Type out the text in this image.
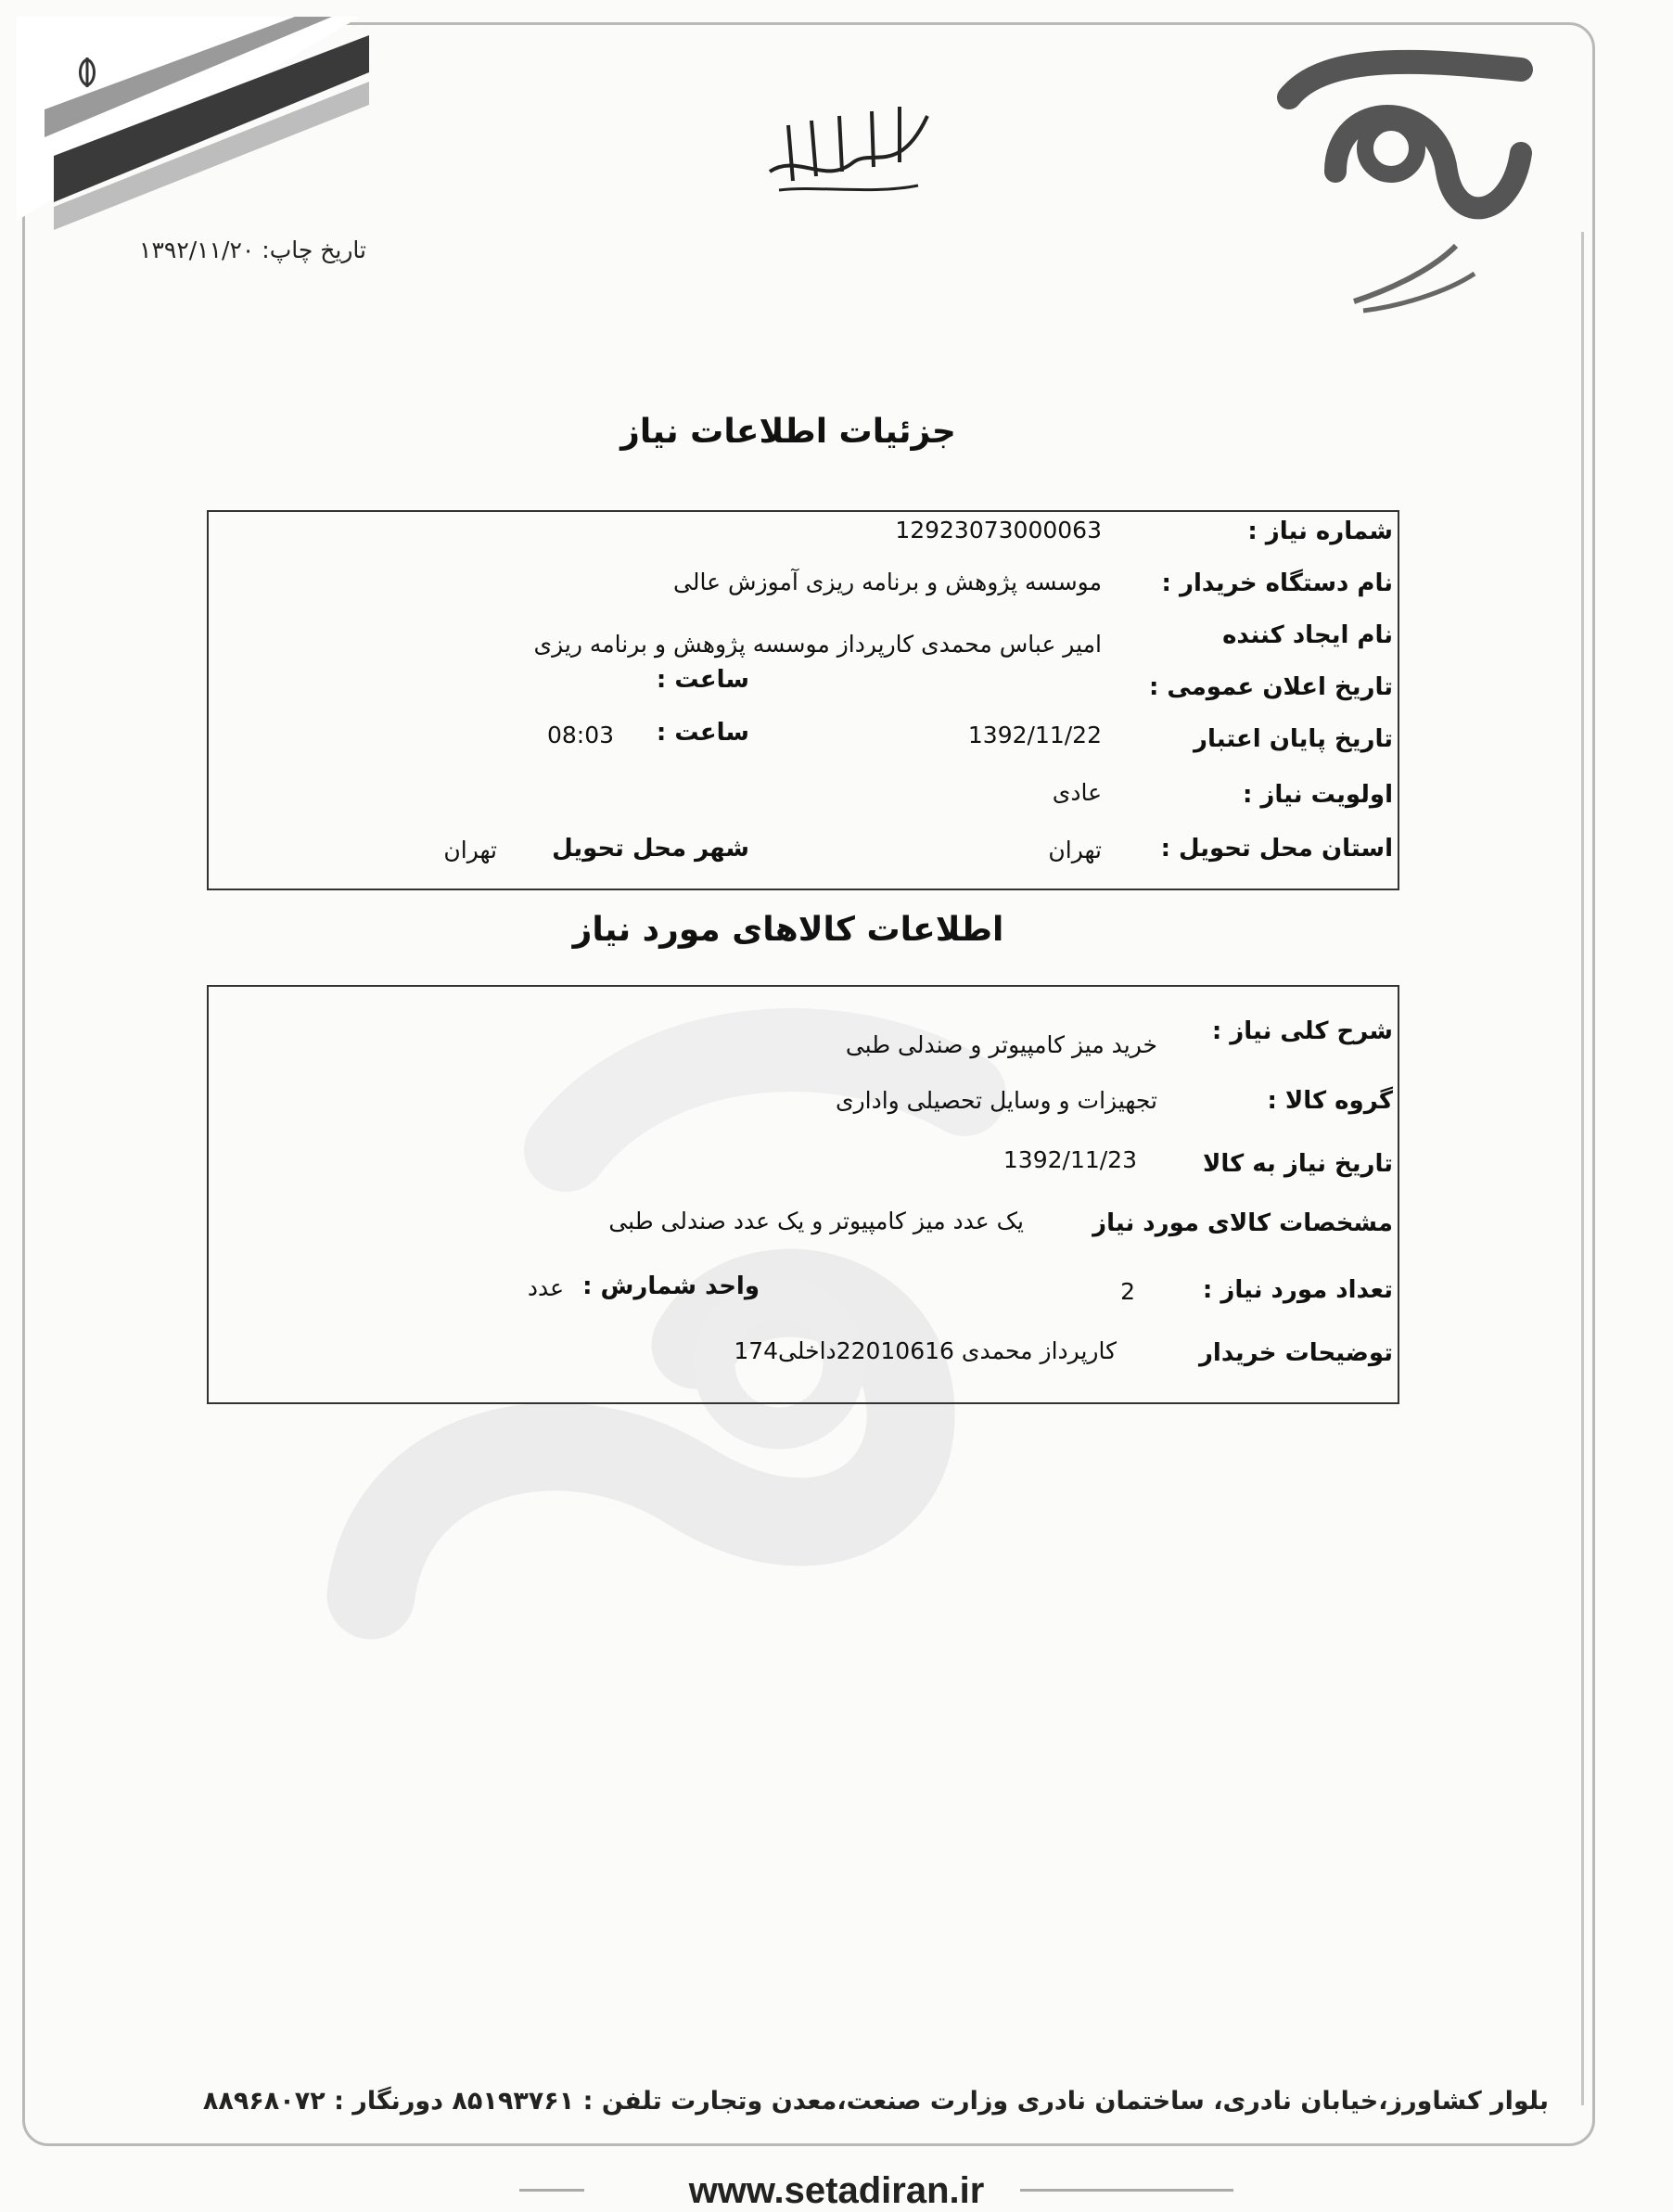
تاریخ چاپ: ۱۳۹۲/۱۱/۲۰
جزئیات اطلاعات نیاز
شماره نیاز :
12923073000063
نام دستگاه خریدار :
موسسه پژوهش و برنامه ریزی آموزش عالی
نام ایجاد کننده
امیر عباس محمدی کارپرداز موسسه پژوهش و برنامه ریزی
تاریخ اعلان عمومی :
ساعت :
تاریخ پایان اعتبار
1392/11/22
ساعت :
08:03
اولویت نیاز :
عادی
استان محل تحویل :
تهران
شهر محل تحویل
تهران
اطلاعات کالاهای مورد نیاز
شرح کلی نیاز :
خرید میز کامپیوتر و صندلی طبی
گروه کالا :
تجهیزات و وسایل تحصیلی واداری
تاریخ نیاز به کالا
1392/11/23
مشخصات کالای مورد نیاز
یک عدد میز کامپیوتر و یک عدد صندلی طبی
تعداد مورد نیاز :
2
واحد شمارش :
عدد
توضیحات خریدار
کارپرداز محمدی 22010616داخلی174
بلوار کشاورز،خیابان نادری، ساختمان نادری وزارت صنعت،معدن وتجارت تلفن : ۸۵۱۹۳۷۶۱ دورنگار : ۸۸۹۶۸۰۷۲
www.setadiran.ir
